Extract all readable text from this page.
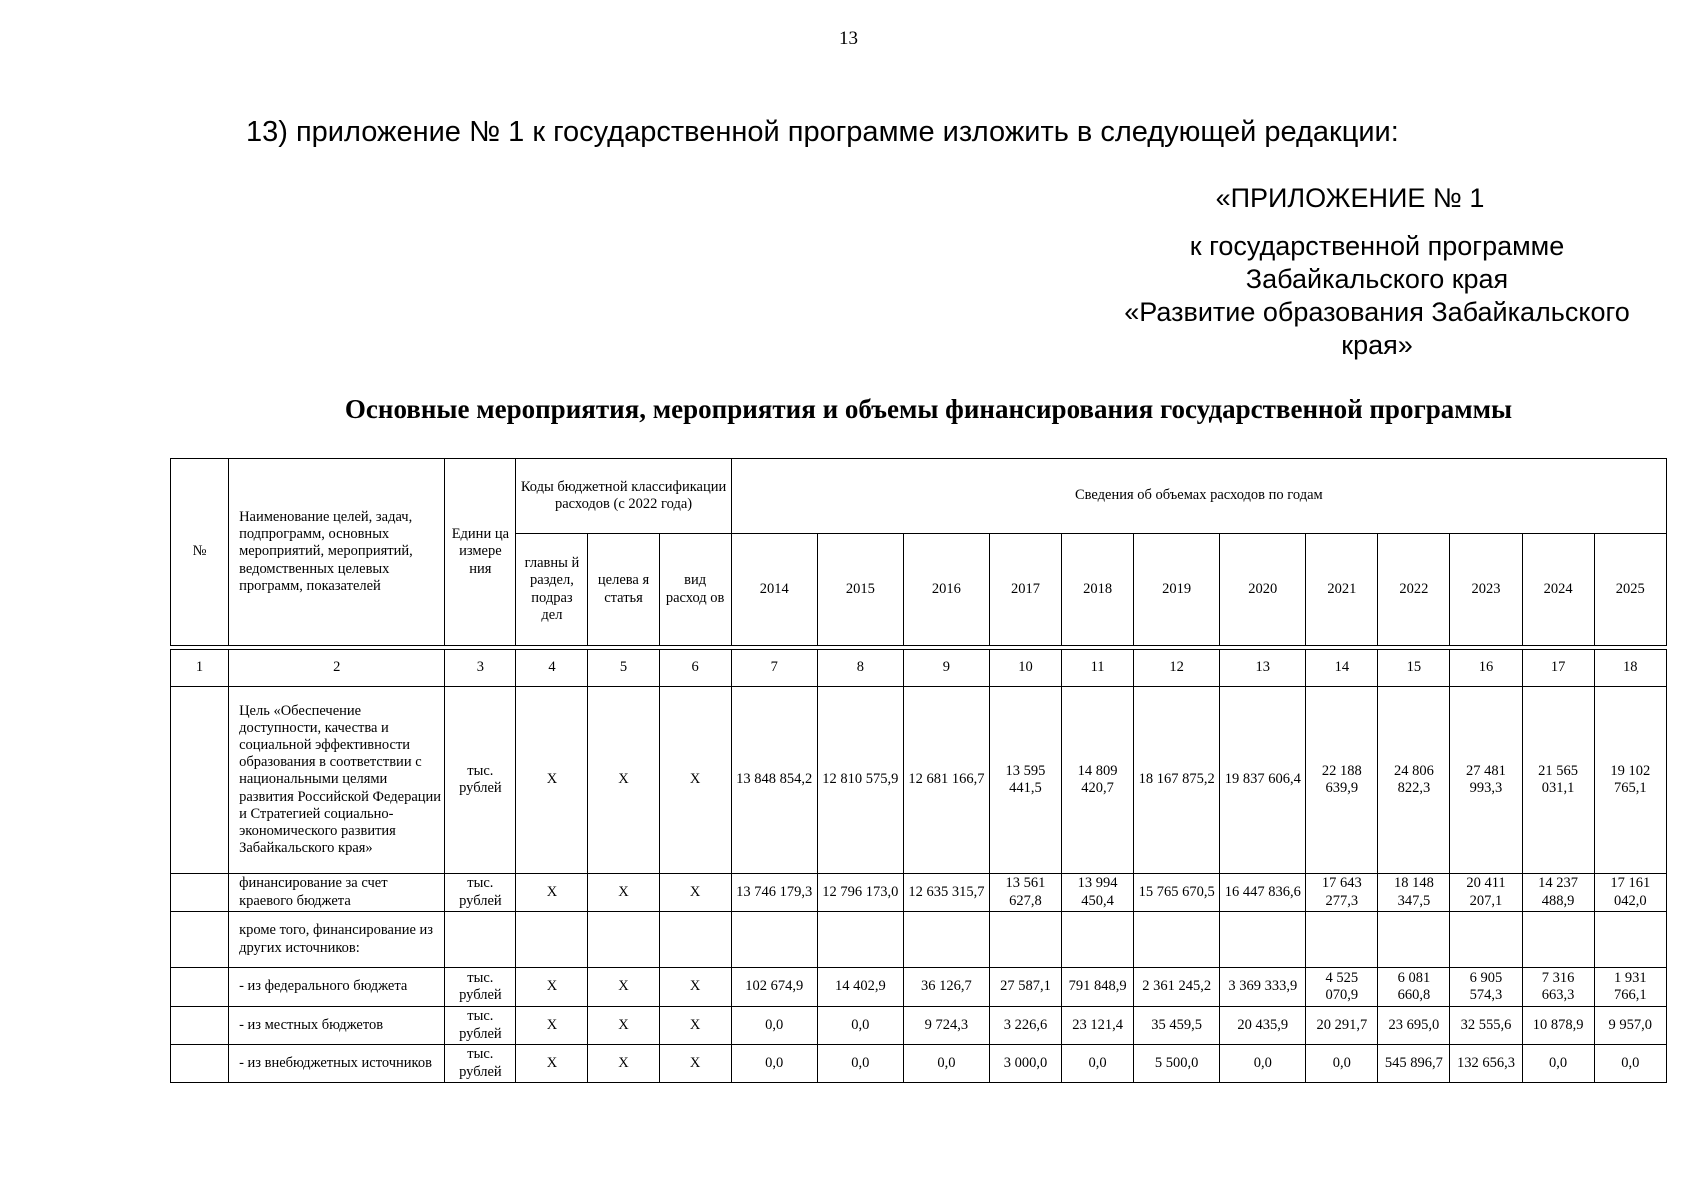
13
13) приложение № 1 к государственной программе изложить в следующей редакции:
«ПРИЛОЖЕНИЕ № 1
к государственной программе
Забайкальского края
«Развитие образования Забайкальского
края»
Основные мероприятия, мероприятия и объемы финансирования государственной программы
№	Наименование целей, задач, подпрограмм, основных мероприятий, мероприятий, ведомственных целевых программ, показателей	Едини ца измере ния	Коды бюджетной классификации расходов (с 2022 года)			Сведения об объемах расходов по годам											
			главны й раздел, подраз дел	целева я статья	вид расход ов	2014	2015	2016	2017	2018	2019	2020	2021	2022	2023	2024	2025

1	2	3	4	5	6	7	8	9	10	11	12	13	14	15	16	17	18
	Цель «Обеспечение доступности, качества и социальной эффективности образования в соответствии с национальными целями развития Российской Федерации и Стратегией социально-экономического развития Забайкальского края»	тыс. рублей	X	X	X	13 848 854,2	12 810 575,9	12 681 166,7	13 595 441,5	14 809 420,7	18 167 875,2	19 837 606,4	22 188 639,9	24 806 822,3	27 481 993,3	21 565 031,1	19 102 765,1
	финансирование за счет краевого бюджета	тыс. рублей	X	X	X	13 746 179,3	12 796 173,0	12 635 315,7	13 561 627,8	13 994 450,4	15 765 670,5	16 447 836,6	17 643 277,3	18 148 347,5	20 411 207,1	14 237 488,9	17 161 042,0
	кроме того, финансирование из других источников:																
	- из федерального бюджета	тыс. рублей	X	X	X	102 674,9	14 402,9	36 126,7	27 587,1	791 848,9	2 361 245,2	3 369 333,9	4 525 070,9	6 081 660,8	6 905 574,3	7 316 663,3	1 931 766,1
	- из местных бюджетов	тыс. рублей	X	X	X	0,0	0,0	9 724,3	3 226,6	23 121,4	35 459,5	20 435,9	20 291,7	23 695,0	32 555,6	10 878,9	9 957,0
	- из внебюджетных источников	тыс. рублей	X	X	X	0,0	0,0	0,0	3 000,0	0,0	5 500,0	0,0	0,0	545 896,7	132 656,3	0,0	0,0
